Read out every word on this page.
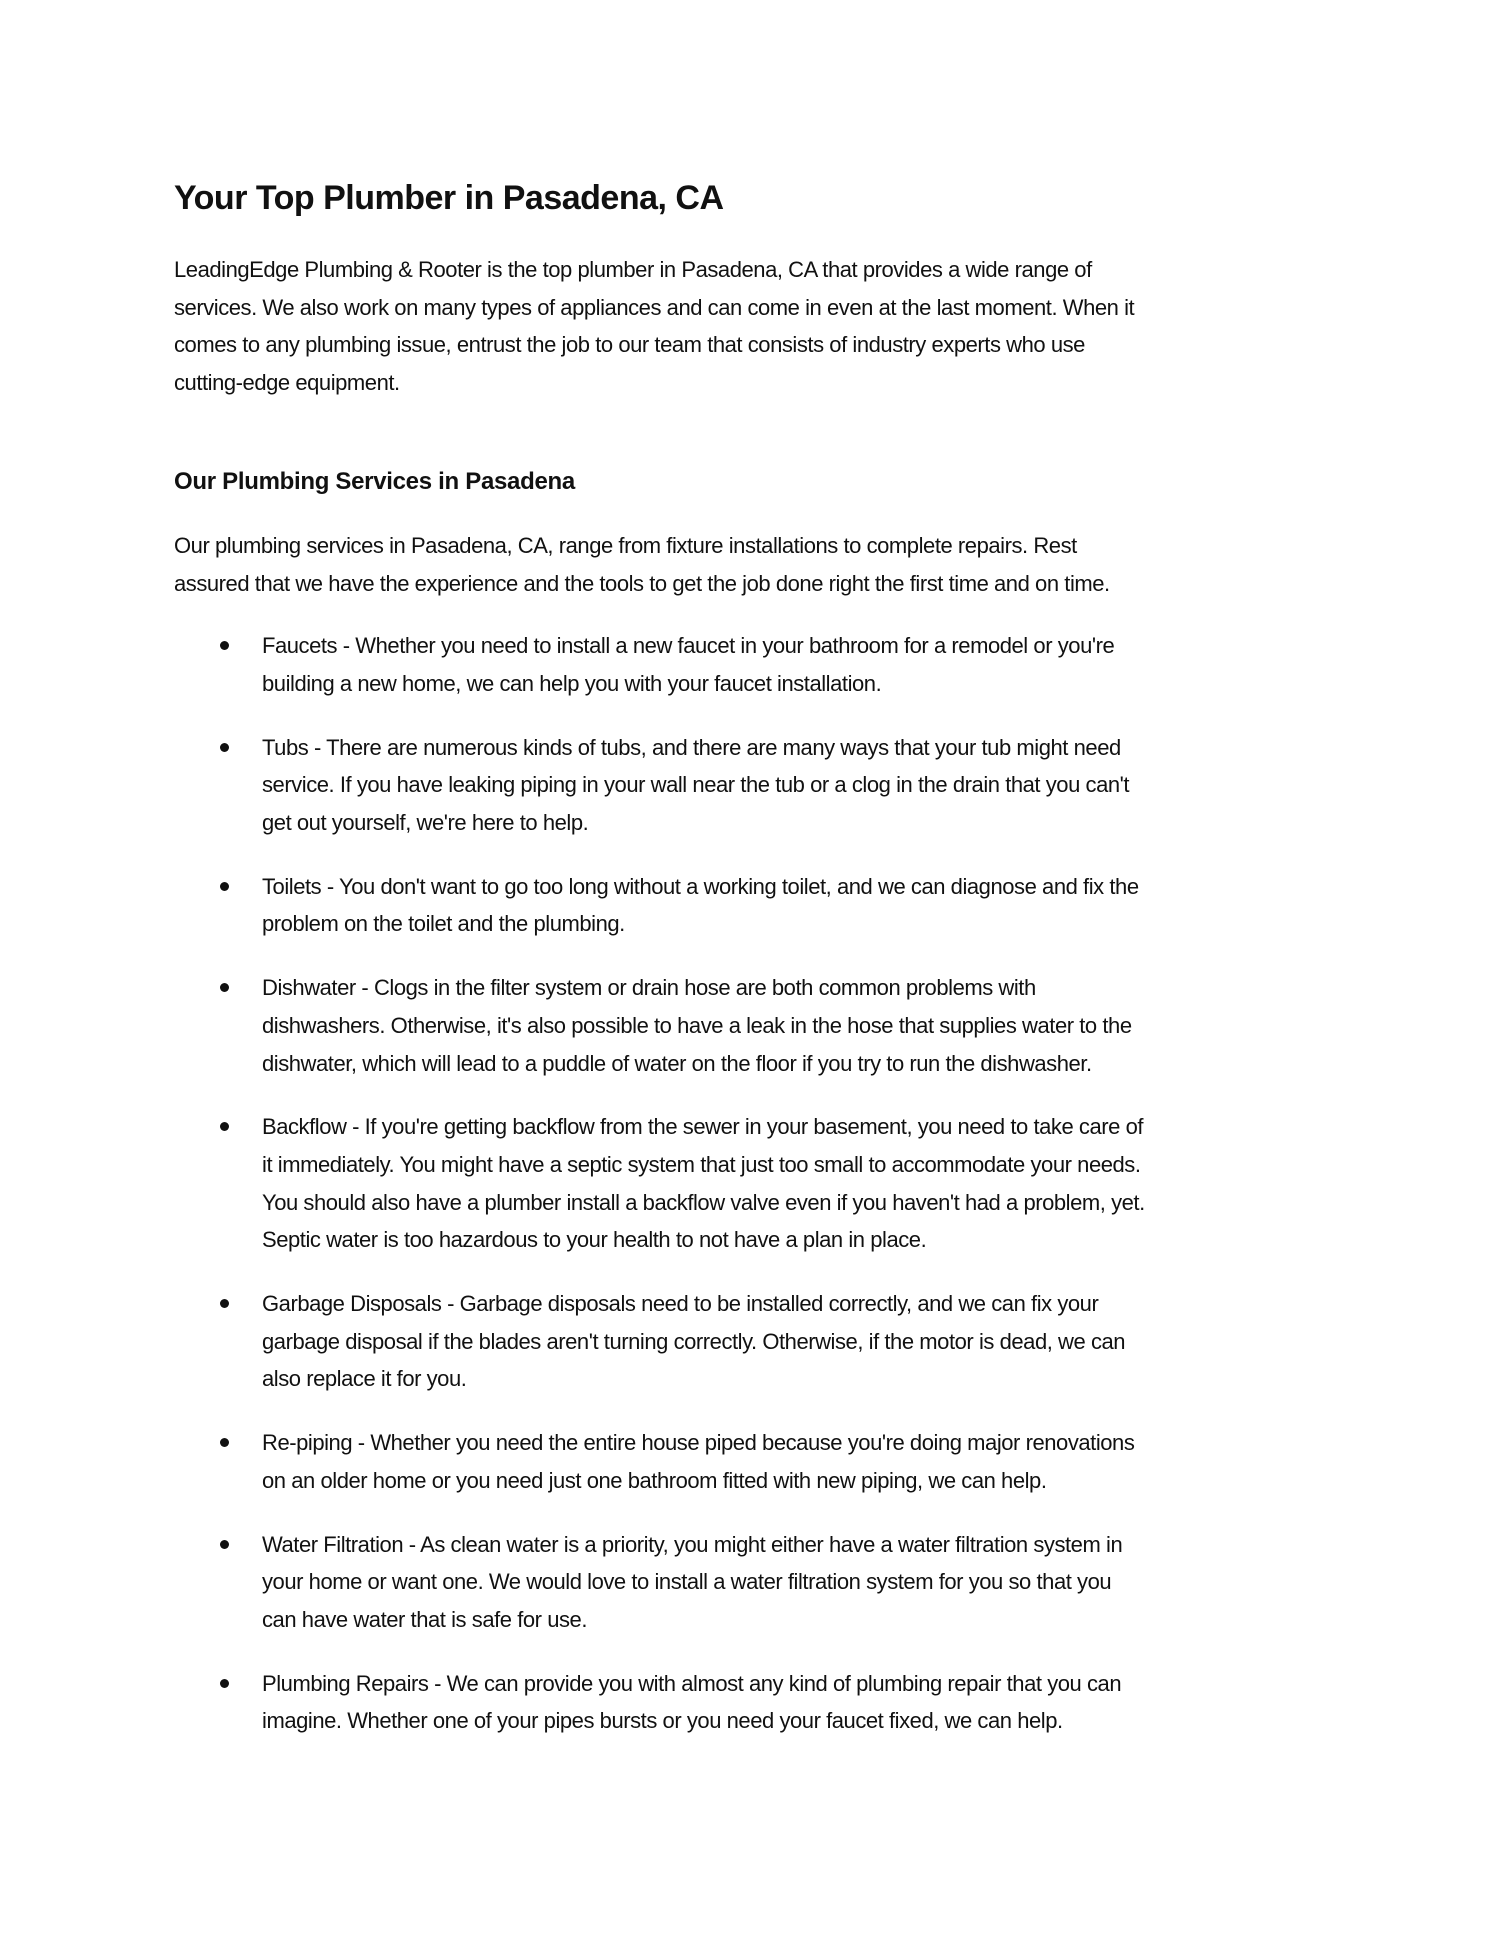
Your Top Plumber in Pasadena, CA
LeadingEdge Plumbing & Rooter is the top plumber in Pasadena, CA that provides a wide range of
services. We also work on many types of appliances and can come in even at the last moment. When it
comes to any plumbing issue, entrust the job to our team that consists of industry experts who use
cutting-edge equipment.
Our Plumbing Services in Pasadena
Our plumbing services in Pasadena, CA, range from fixture installations to complete repairs. Rest
assured that we have the experience and the tools to get the job done right the first time and on time.
Faucets - Whether you need to install a new faucet in your bathroom for a remodel or you're
building a new home, we can help you with your faucet installation.
Tubs - There are numerous kinds of tubs, and there are many ways that your tub might need
service. If you have leaking piping in your wall near the tub or a clog in the drain that you can't
get out yourself, we're here to help.
Toilets - You don't want to go too long without a working toilet, and we can diagnose and fix the
problem on the toilet and the plumbing.
Dishwater - Clogs in the filter system or drain hose are both common problems with
dishwashers. Otherwise, it's also possible to have a leak in the hose that supplies water to the
dishwater, which will lead to a puddle of water on the floor if you try to run the dishwasher.
Backflow - If you're getting backflow from the sewer in your basement, you need to take care of
it immediately. You might have a septic system that just too small to accommodate your needs.
You should also have a plumber install a backflow valve even if you haven't had a problem, yet.
Septic water is too hazardous to your health to not have a plan in place.
Garbage Disposals - Garbage disposals need to be installed correctly, and we can fix your
garbage disposal if the blades aren't turning correctly. Otherwise, if the motor is dead, we can
also replace it for you.
Re-piping - Whether you need the entire house piped because you're doing major renovations
on an older home or you need just one bathroom fitted with new piping, we can help.
Water Filtration - As clean water is a priority, you might either have a water filtration system in
your home or want one. We would love to install a water filtration system for you so that you
can have water that is safe for use.
Plumbing Repairs - We can provide you with almost any kind of plumbing repair that you can
imagine. Whether one of your pipes bursts or you need your faucet fixed, we can help.
